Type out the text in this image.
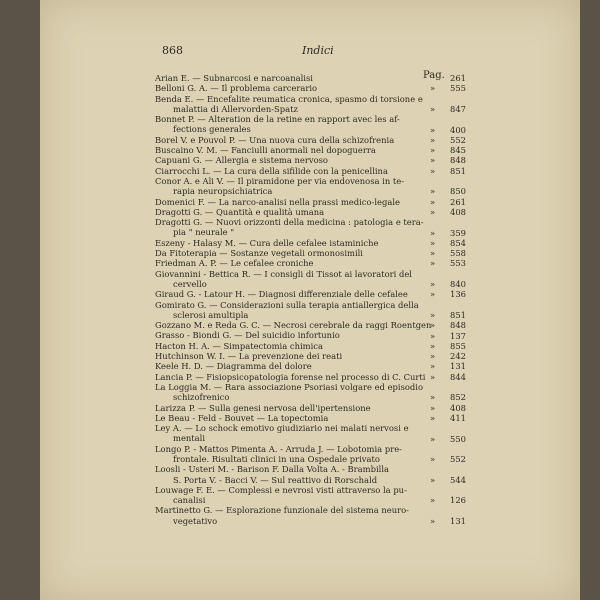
868	Indici
Pag.
Arian E. — Subnarcosi e narcoanalisi
Belloni G. A. — Il problema carcerario
Benda E. — Encefalite reumatica cronica, spasmo di torsione e
malattia di Allervorden-Spatz
Bonnet P. — Alteration de la retine en rapport avec les af-
fections generales
Borel V. e Pouvol P. — Una nuova cura della schizofrenia
Buscaino V. M. — Fanciulli anormali nel dopoguerra
Capuani G. — Allergia e sistema nervoso
Ciarrocchi L. — La cura della sifilide con la penicellina
Conor A. e Ali V. — Il piramidone per via endovenosa in te-
rapia neuropsichiatrica
Domenici F. — La narco-analisi nella prassi medico-legale
Dragotti G. — Quantità e qualità umana
Dragotti G. — Nuovi orizzonti della medicina : patologia e tera-
pia " neurale "
Eszeny - Halasy M. — Cura delle cefalee istaminiche
Da Fitoterapia — Sostanze vegetali ormonosimili
Friedman A. P. — Le cefalee croniche
Giovannini - Bettica R. — I consigli di Tissot ai lavoratori del
cervello
Giraud G. - Latour H. — Diagnosi differenziale delle cefalee
Gomirato G. — Considerazioni sulla terapia antiallergica della
sclerosi amultipla
Gozzano M. e Reda G. C. — Necrosi cerebrale da raggi Roentgen
Grasso - Biondi G. — Del suicidio infortunio
Hacton H. A. — Simpatectomia chimica
Hutchinson W. I. — La prevenzione dei reati
Keele H. D. — Diagramma del dolore
Lancia P. — Fisiopsicopatologia forense nel processo di C. Curti
La Loggia M. — Rara associazione Psoriasi volgare ed episodio
schizofrenico
Larizza P. — Sulla genesi nervosa dell'ipertensione
Le Beau - Feld - Bouvet — La topectomia
Ley A. — Lo schock emotivo giudiziario nei malati nervosi e
mentali
Longo P. - Mattos Pimenta A. - Arruda J. — Lobotomia pre-
frontale. Risultati clinici in una Ospedale privato
Loosli - Usteri M. - Barison F. Dalla Volta A. - Brambilla
S. Porta V. - Bacci V. — Sul reattivo di Rorschald
Louwage F. E. — Complessi e nevrosi visti attraverso la pu-
canalisi
Martinetto G. — Esplorazione funzionale del sistema neuro-
vegetativo
261
» 555
» 847
» 400
» 552
» 845
» 848
» 851
» 850
» 261
» 408
» 359
» 854
» 558
» 553
» 840
» 136
» 851
» 848
» 137
» 855
» 242
» 131
» 844
» 852
» 408
» 411
» 550
» 552
» 544
» 126
» 131
